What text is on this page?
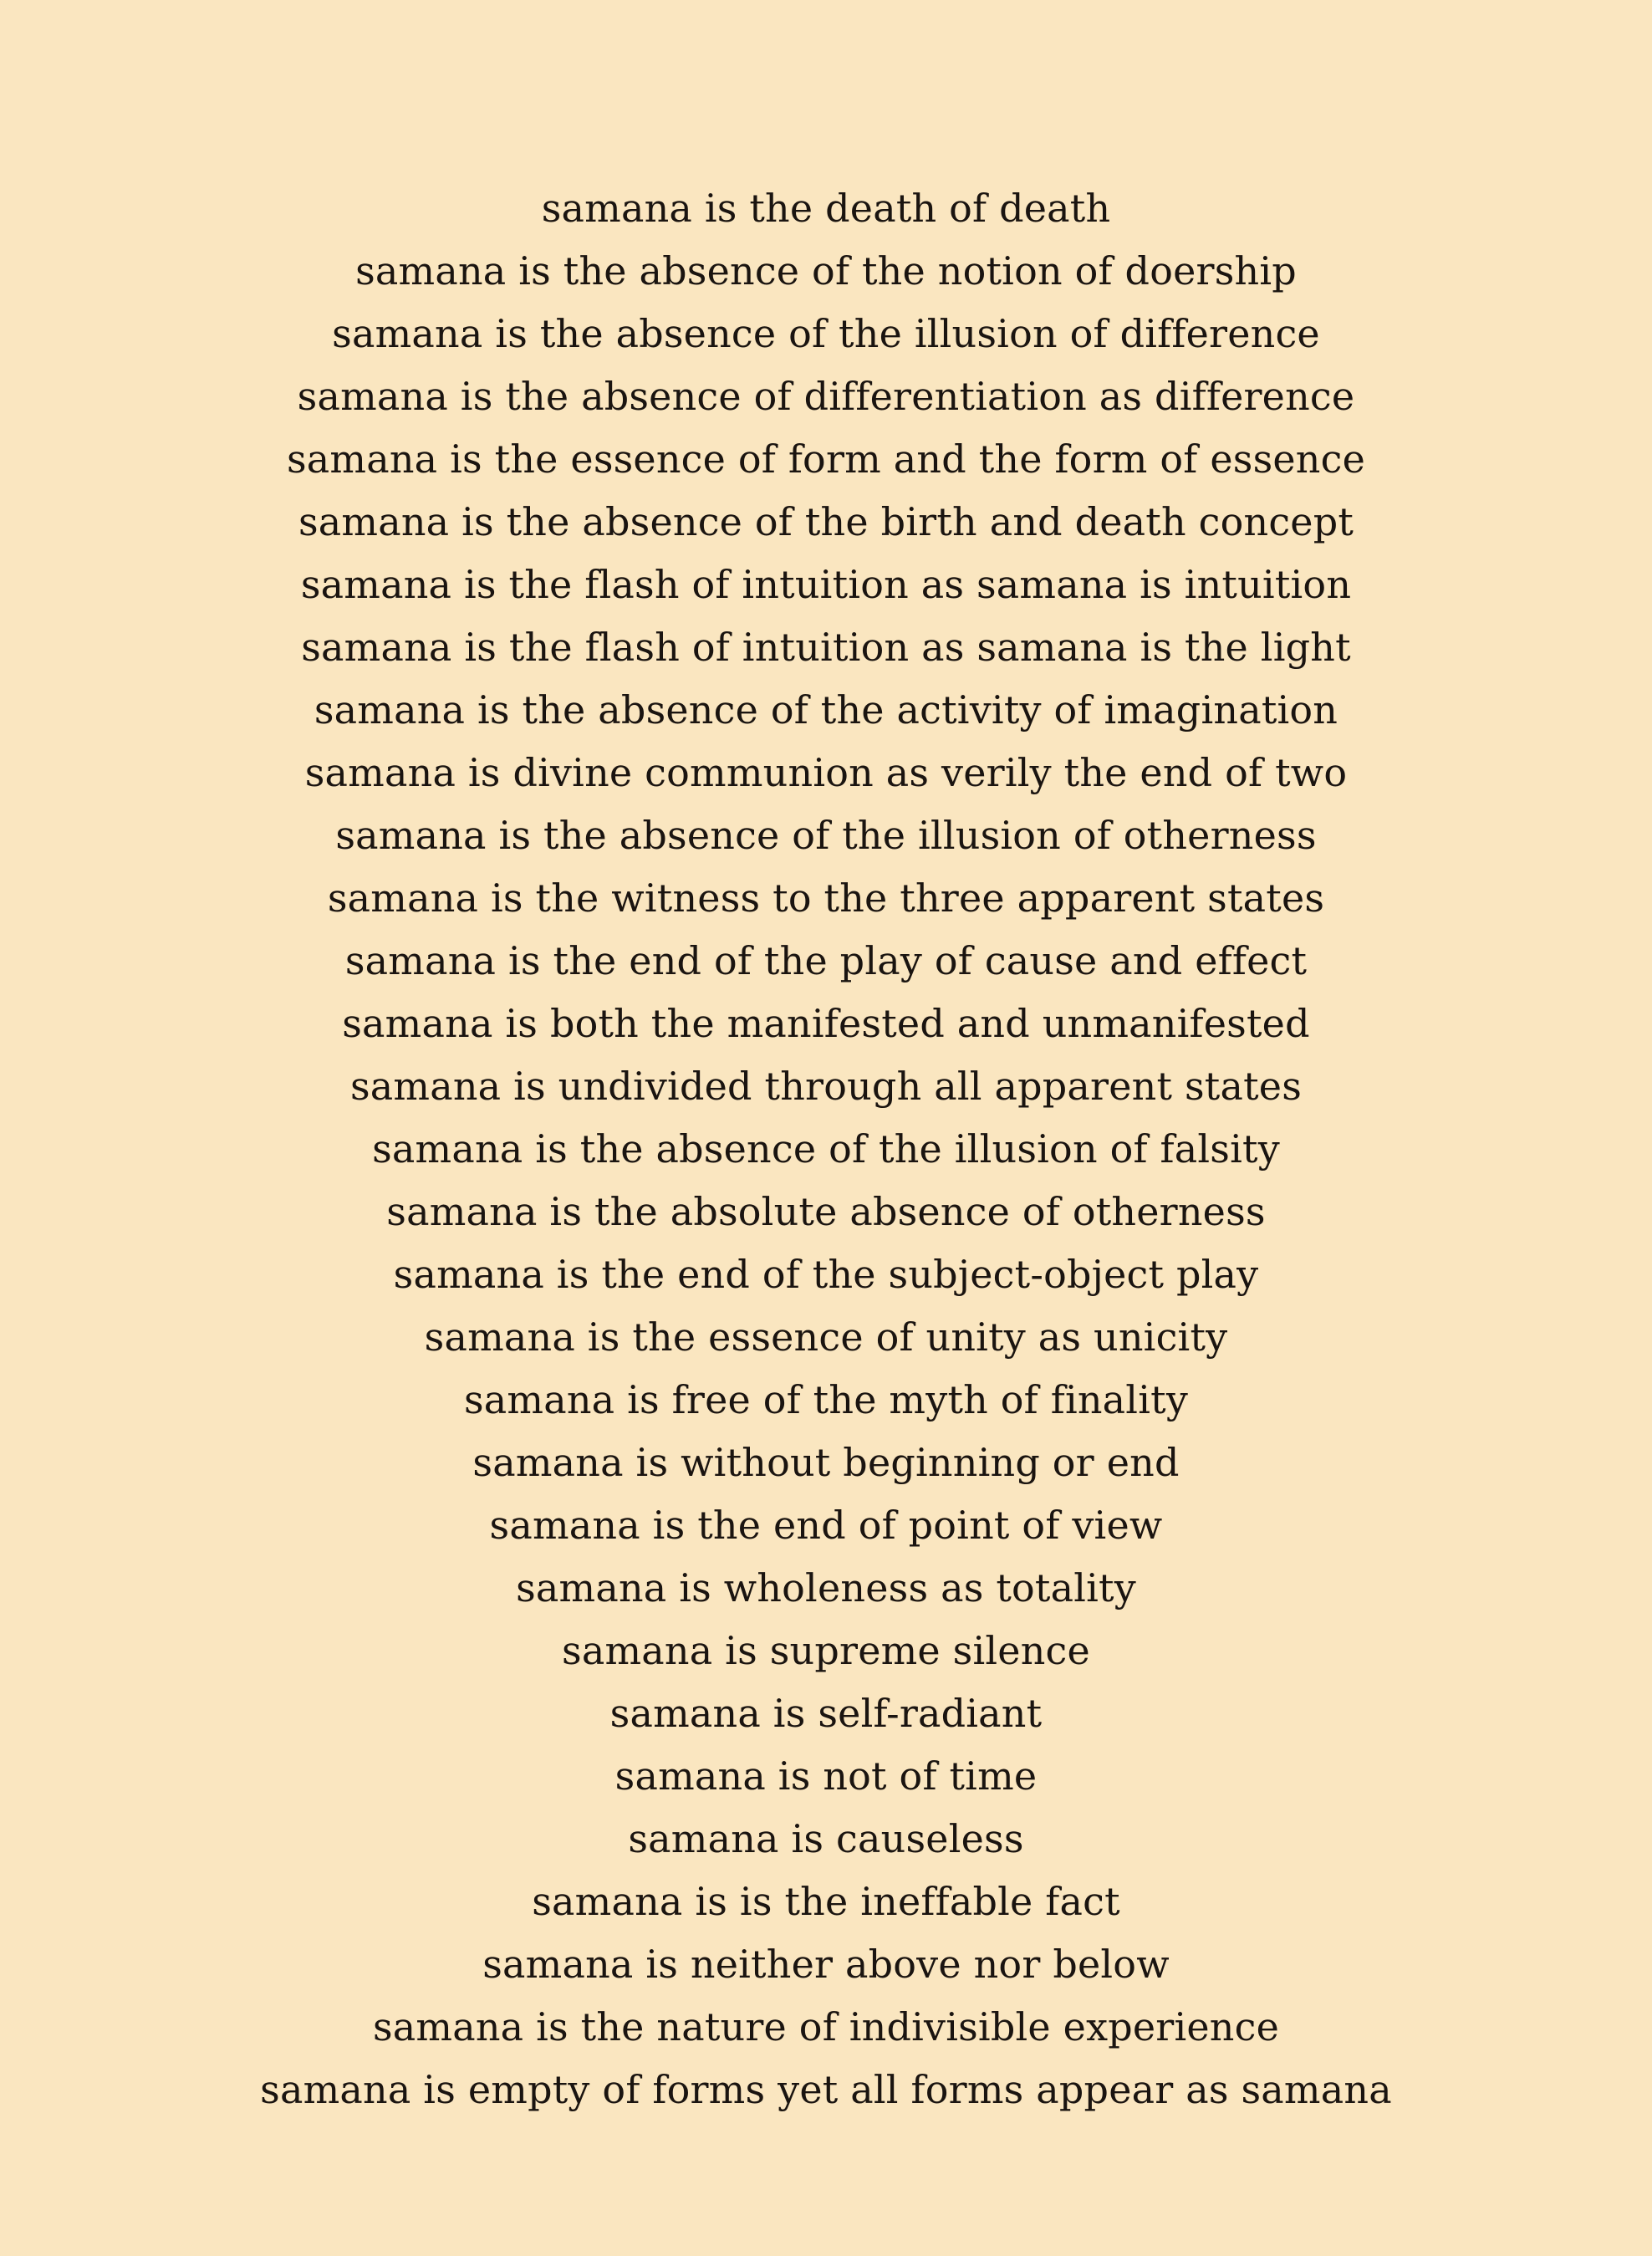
samana is the death of death
samana is the absence of the notion of doership
samana is the absence of the illusion of difference
samana is the absence of differentiation as difference
samana is the essence of form and the form of essence
samana is the absence of the birth and death concept
samana is the flash of intuition as samana is intuition
samana is the flash of intuition as samana is the light
samana is the absence of the activity of imagination
samana is divine communion as verily the end of two
samana is the absence of the illusion of otherness
samana is the witness to the three apparent states
samana is the end of the play of cause and effect
samana is both the manifested and unmanifested
samana is undivided through all apparent states
samana is the absence of the illusion of falsity
samana is the absolute absence of otherness
samana is the end of the subject-object play
samana is the essence of unity as unicity
samana is free of the myth of finality
samana is without beginning or end
samana is the end of point of view
samana is wholeness as totality
samana is supreme silence
samana is self-radiant
samana is not of time
samana is causeless
samana is is the ineffable fact
samana is neither above nor below
samana is the nature of indivisible experience
samana is empty of forms yet all forms appear as samana
